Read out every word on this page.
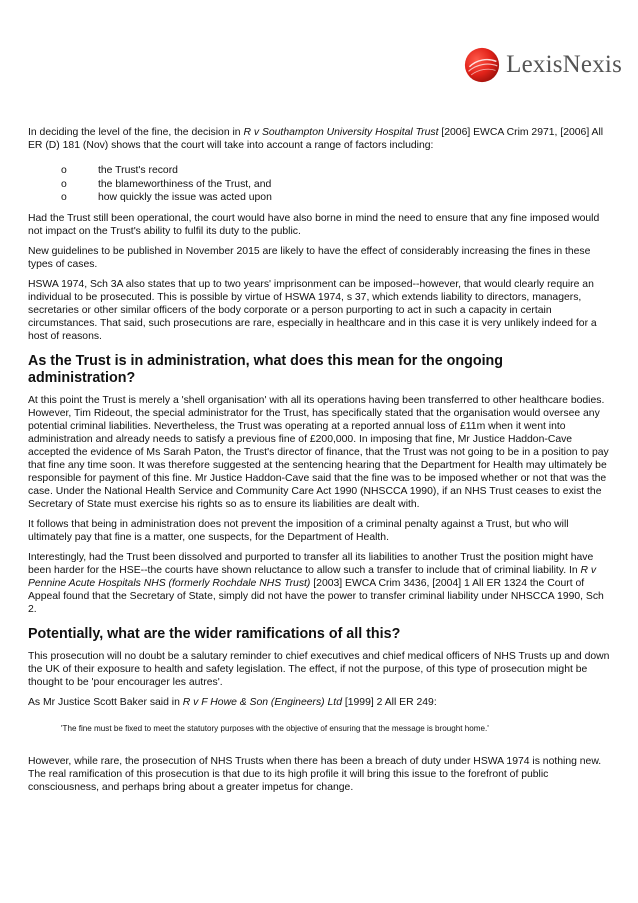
LexisNexis

In deciding the level of the fine, the decision in R v Southampton University Hospital Trust [2006] EWCA Crim 2971, [2006] All ER (D) 181 (Nov) shows that the court will take into account a range of factors including:

o	the Trust's record
o	the blameworthiness of the Trust, and
o	how quickly the issue was acted upon

Had the Trust still been operational, the court would have also borne in mind the need to ensure that any fine imposed would not impact on the Trust's ability to fulfil its duty to the public.

New guidelines to be published in November 2015 are likely to have the effect of considerably increasing the fines in these types of cases.

HSWA 1974, Sch 3A also states that up to two years' imprisonment can be imposed--however, that would clearly require an individual to be prosecuted. This is possible by virtue of HSWA 1974, s 37, which extends liability to directors, managers, secretaries or other similar officers of the body corporate or a person purporting to act in such a capacity in certain circumstances. That said, such prosecutions are rare, especially in healthcare and in this case it is very unlikely indeed for a host of reasons.

As the Trust is in administration, what does this mean for the ongoing administration?

At this point the Trust is merely a 'shell organisation' with all its operations having been transferred to other healthcare bodies. However, Tim Rideout, the special administrator for the Trust, has specifically stated that the organisation would oversee any potential criminal liabilities. Nevertheless, the Trust was operating at a reported annual loss of £11m when it went into administration and already needs to satisfy a previous fine of £200,000. In imposing that fine, Mr Justice Haddon-Cave accepted the evidence of Ms Sarah Paton, the Trust's director of finance, that the Trust was not going to be in a position to pay that fine any time soon. It was therefore suggested at the sentencing hearing that the Department for Health may ultimately be responsible for payment of this fine. Mr Justice Haddon-Cave said that the fine was to be imposed whether or not that was the case. Under the National Health Service and Community Care Act 1990 (NHSCCA 1990), if an NHS Trust ceases to exist the Secretary of State must exercise his rights so as to ensure its liabilities are dealt with.

It follows that being in administration does not prevent the imposition of a criminal penalty against a Trust, but who will ultimately pay that fine is a matter, one suspects, for the Department of Health.

Interestingly, had the Trust been dissolved and purported to transfer all its liabilities to another Trust the position might have been harder for the HSE--the courts have shown reluctance to allow such a transfer to include that of criminal liability. In R v Pennine Acute Hospitals NHS (formerly Rochdale NHS Trust) [2003] EWCA Crim 3436, [2004] 1 All ER 1324 the Court of Appeal found that the Secretary of State, simply did not have the power to transfer criminal liability under NHSCCA 1990, Sch 2.

Potentially, what are the wider ramifications of all this?

This prosecution will no doubt be a salutary reminder to chief executives and chief medical officers of NHS Trusts up and down the UK of their exposure to health and safety legislation. The effect, if not the purpose, of this type of prosecution might be thought to be 'pour encourager les autres'.

As Mr Justice Scott Baker said in R v F Howe & Son (Engineers) Ltd [1999] 2 All ER 249:

'The fine must be fixed to meet the statutory purposes with the objective of ensuring that the message is brought home.'

However, while rare, the prosecution of NHS Trusts when there has been a breach of duty under HSWA 1974 is nothing new. The real ramification of this prosecution is that due to its high profile it will bring this issue to the forefront of public consciousness, and perhaps bring about a greater impetus for change.
